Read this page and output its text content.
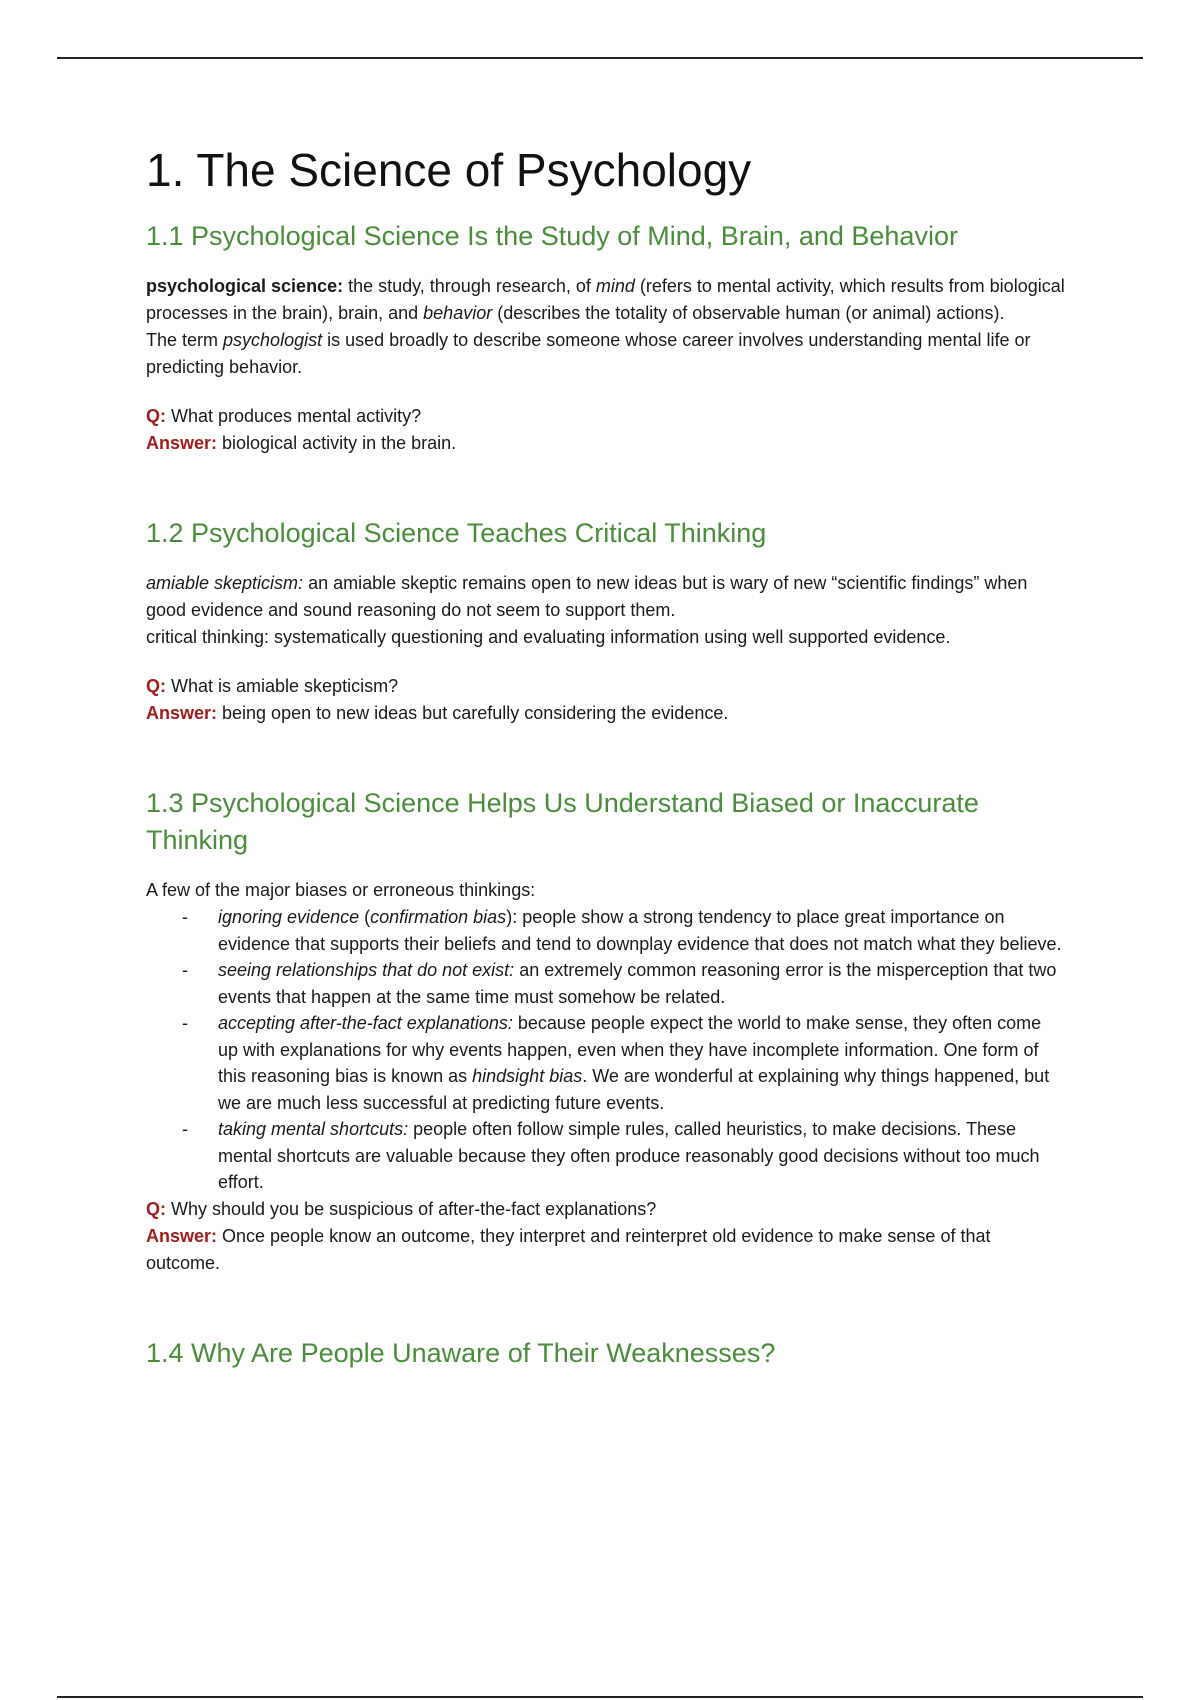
1. The Science of Psychology
1.1 Psychological Science Is the Study of Mind, Brain, and Behavior

psychological science: the study, through research, of mind (refers to mental activity, which results from biological processes in the brain), brain, and behavior (describes the totality of observable human (or animal) actions).

The term psychologist is used broadly to describe someone whose career involves understanding mental life or predicting behavior.

Q: What produces mental activity?

Answer: biological activity in the brain.

1.2 Psychological Science Teaches Critical Thinking

amiable skepticism: an amiable skeptic remains open to new ideas but is wary of new “scientific findings” when good evidence and sound reasoning do not seem to support them.

critical thinking: systematically questioning and evaluating information using well supported evidence.

Q: What is amiable skepticism?

Answer: being open to new ideas but carefully considering the evidence.

1.3 Psychological Science Helps Us Understand Biased or Inaccurate Thinking

A few of the major biases or erroneous thinkings:

- ignoring evidence (confirmation bias): people show a strong tendency to place great importance on evidence that supports their beliefs and tend to downplay evidence that does not match what they believe.
- seeing relationships that do not exist: an extremely common reasoning error is the misperception that two events that happen at the same time must somehow be related.
- accepting after-the-fact explanations: because people expect the world to make sense, they often come up with explanations for why events happen, even when they have incomplete information. One form of this reasoning bias is known as hindsight bias. We are wonderful at explaining why things happened, but we are much less successful at predicting future events.
- taking mental shortcuts: people often follow simple rules, called heuristics, to make decisions. These mental shortcuts are valuable because they often produce reasonably good decisions without too much effort.

Q: Why should you be suspicious of after-the-fact explanations?

Answer: Once people know an outcome, they interpret and reinterpret old evidence to make sense of that outcome.

1.4 Why Are People Unaware of Their Weaknesses?
